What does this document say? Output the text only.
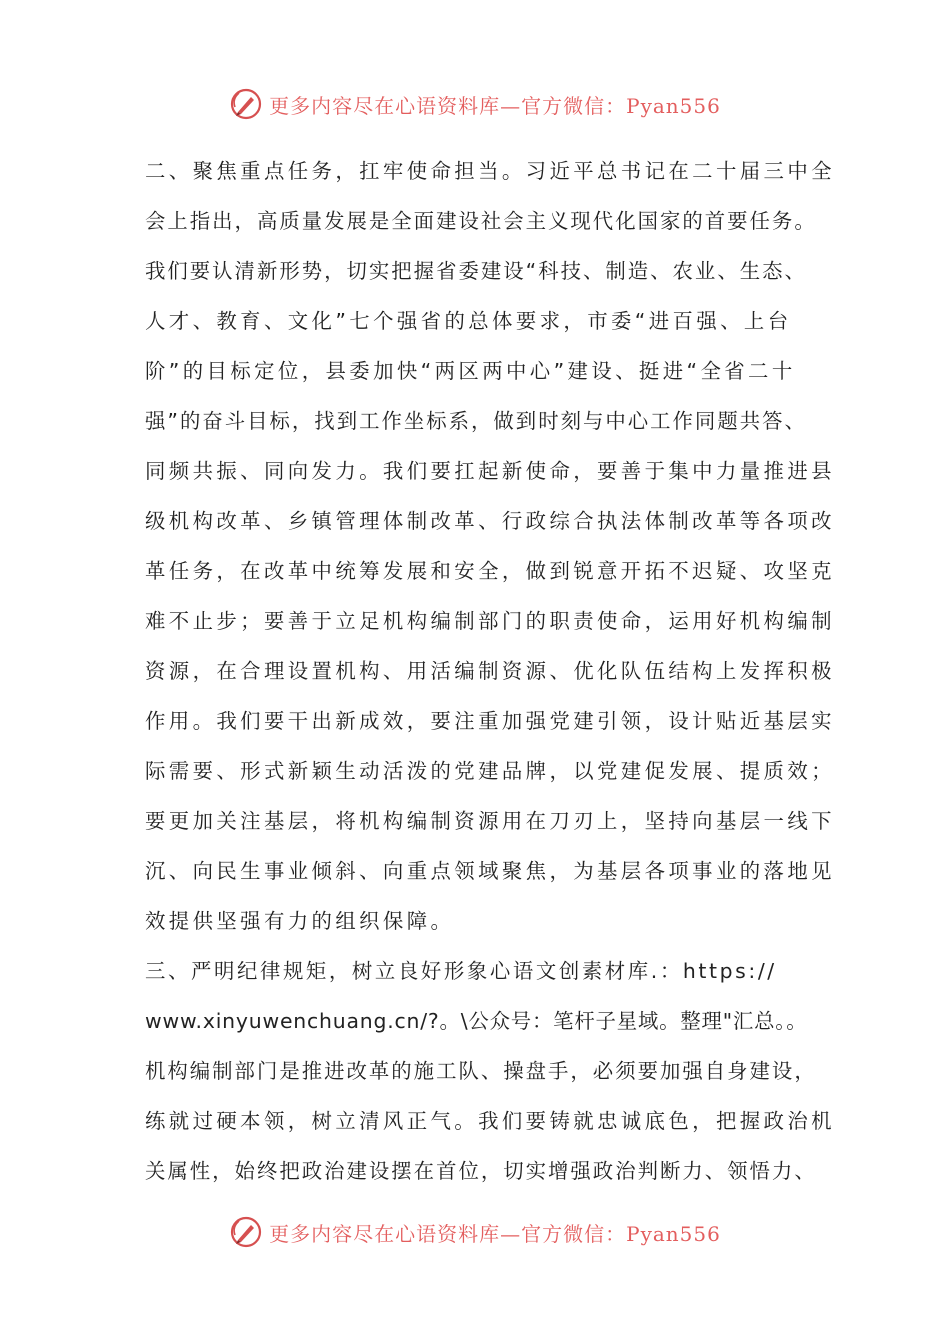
更多内容尽在心语资料库—官方微信：Pyan556
二、聚焦重点任务，扛牢使命担当。习近平总书记在二十届三中全
会上指出，高质量发展是全面建设社会主义现代化国家的首要任务。
我们要认清新形势，切实把握省委建设“科技、制造、农业、生态、
人才、教育、文化”七个强省的总体要求，市委“进百强、上台
阶”的目标定位，县委加快“两区两中心”建设、挺进“全省二十
强”的奋斗目标，找到工作坐标系，做到时刻与中心工作同题共答、
同频共振、同向发力。我们要扛起新使命，要善于集中力量推进县
级机构改革、乡镇管理体制改革、行政综合执法体制改革等各项改
革任务，在改革中统筹发展和安全，做到锐意开拓不迟疑、攻坚克
难不止步；要善于立足机构编制部门的职责使命，运用好机构编制
资源，在合理设置机构、用活编制资源、优化队伍结构上发挥积极
作用。我们要干出新成效，要注重加强党建引领，设计贴近基层实
际需要、形式新颖生动活泼的党建品牌，以党建促发展、提质效；
要更加关注基层，将机构编制资源用在刀刃上，坚持向基层一线下
沉、向民生事业倾斜、向重点领域聚焦，为基层各项事业的落地见
效提供坚强有力的组织保障。
三、严明纪律规矩，树立良好形象心语文创素材库.：https://
www.xinyuwenchuang.cn/?。\公众号：笔杆子星域。整理"汇总。。
机构编制部门是推进改革的施工队、操盘手，必须要加强自身建设，
练就过硬本领，树立清风正气。我们要铸就忠诚底色，把握政治机
关属性，始终把政治建设摆在首位，切实增强政治判断力、领悟力、
更多内容尽在心语资料库—官方微信：Pyan556
